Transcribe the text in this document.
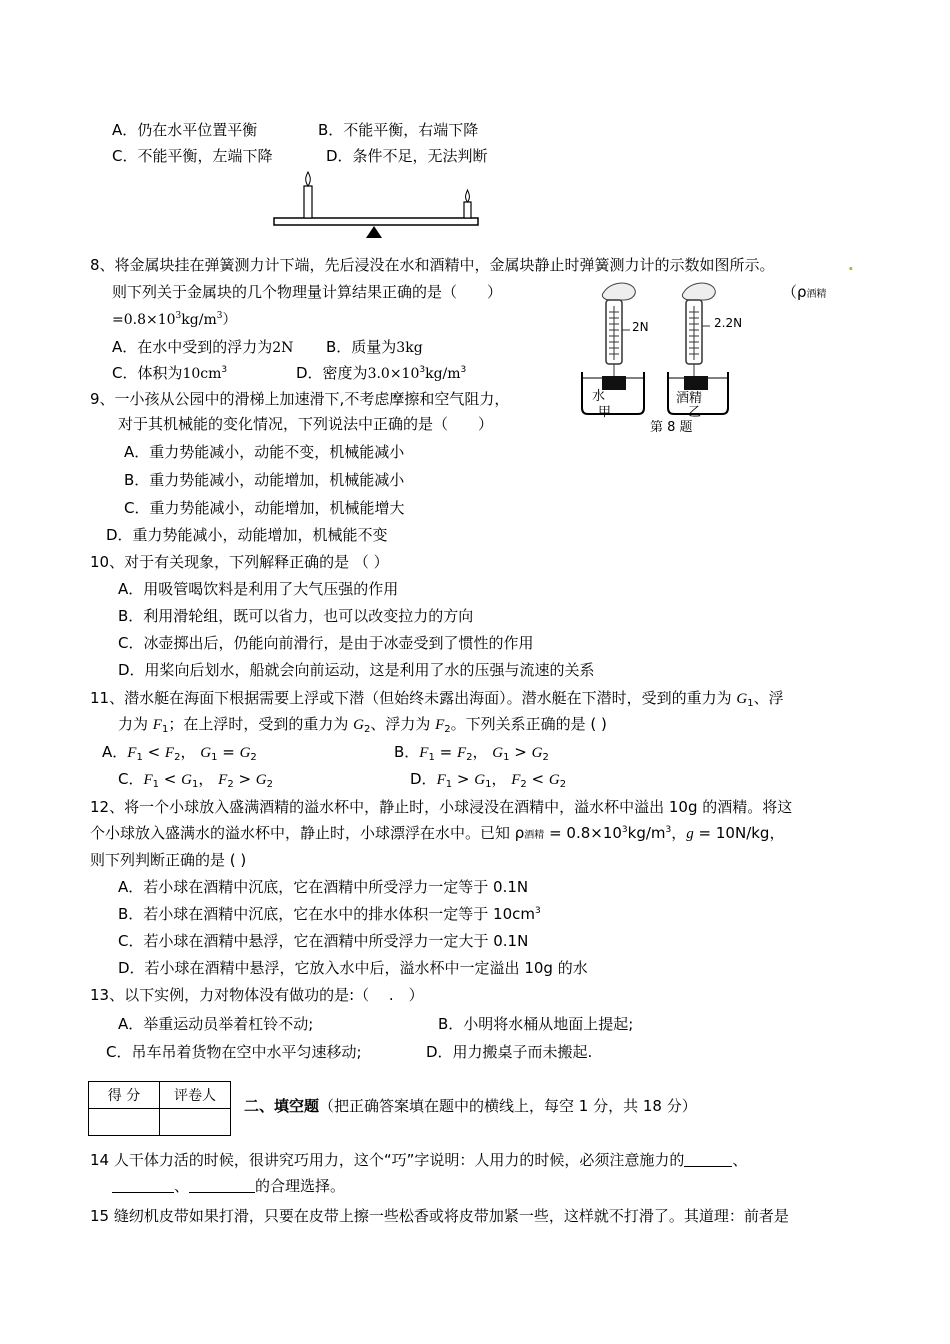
A．仍在水平位置平衡	B．不能平衡，右端下降
C．不能平衡，左端下降	D．条件不足，无法判断
8、将金属块挂在弹簧测力计下端，先后浸没在水和酒精中，金属块静止时弹簧测力计的示数如图所示。	.
则下列关于金属块的几个物理量计算结果正确的是（　　）	（ρ酒精
$=0.8\times 10^3kg/m^3$）
A．在水中受到的浮力为2N B．质量为3kg
C．体积为$10cm^3$	D．密度为$3.0\times 10^3kg/m^3$
2N	2.2N
水	酒精
甲	乙
第 8 题
9、一小孩从公园中的滑梯上加速滑下,不考虑摩擦和空气阻力，
对于其机械能的变化情况，下列说法中正确的是（　　）
A．重力势能减小，动能不变，机械能减小
B．重力势能减小，动能增加，机械能减小
C．重力势能减小，动能增加，机械能增大
D．重力势能减小，动能增加，机械能不变
10、对于有关现象，下列解释正确的是 （ ）
A．用吸管喝饮料是利用了大气压强的作用
B．利用滑轮组，既可以省力，也可以改变拉力的方向
C．冰壶掷出后，仍能向前滑行，是由于冰壶受到了惯性的作用
D．用桨向后划水，船就会向前运动，这是利用了水的压强与流速的关系
11、潜水艇在海面下根据需要上浮或下潜（但始终未露出海面）。潜水艇在下潜时，受到的重力为 $G_1$、浮
力为 $F_1$；在上浮时，受到的重力为 $G_2$、浮力为 $F_2$。下列关系正确的是 ( )
A．$F_1 < F_2$， $G_1 = G_2$	B．$F_1 = F_2$， $G_1 > G_2$
C．$F_1 < G_1$， $F_2 > G_2$	D．$F_1 > G_1$， $F_2 < G_2$
12、将一个小球放入盛满酒精的溢水杯中，静止时，小球浸没在酒精中，溢水杯中溢出 10g 的酒精。将这
个小球放入盛满水的溢水杯中，静止时，小球漂浮在水中。已知 ρ酒精 = $0.8\times 10^3kg/m^3$，g = 10N/kg，
则下列判断正确的是 ( )
A．若小球在酒精中沉底，它在酒精中所受浮力一定等于 0.1N
B．若小球在酒精中沉底，它在水中的排水体积一定等于 $10cm^3$
C．若小球在酒精中悬浮，它在酒精中所受浮力一定大于 0.1N
D．若小球在酒精中悬浮，它放入水中后，溢水杯中一定溢出 10g 的水
13、以下实例，力对物体没有做功的是:（　 .　）
A．举重运动员举着杠铃不动;	B．小明将水桶从地面上提起;
C．吊车吊着货物在空中水平匀速移动;	D．用力搬桌子而未搬起.
得 分	评卷人

二、填空题（把正确答案填在题中的横线上，每空 1 分，共 18 分）
14 人干体力活的时候，很讲究巧用力，这个“巧”字说明：人用力的时候，必须注意施力的	、
、	的合理选择。
15 缝纫机皮带如果打滑，只要在皮带上擦一些松香或将皮带加紧一些，这样就不打滑了。其道理：前者是
